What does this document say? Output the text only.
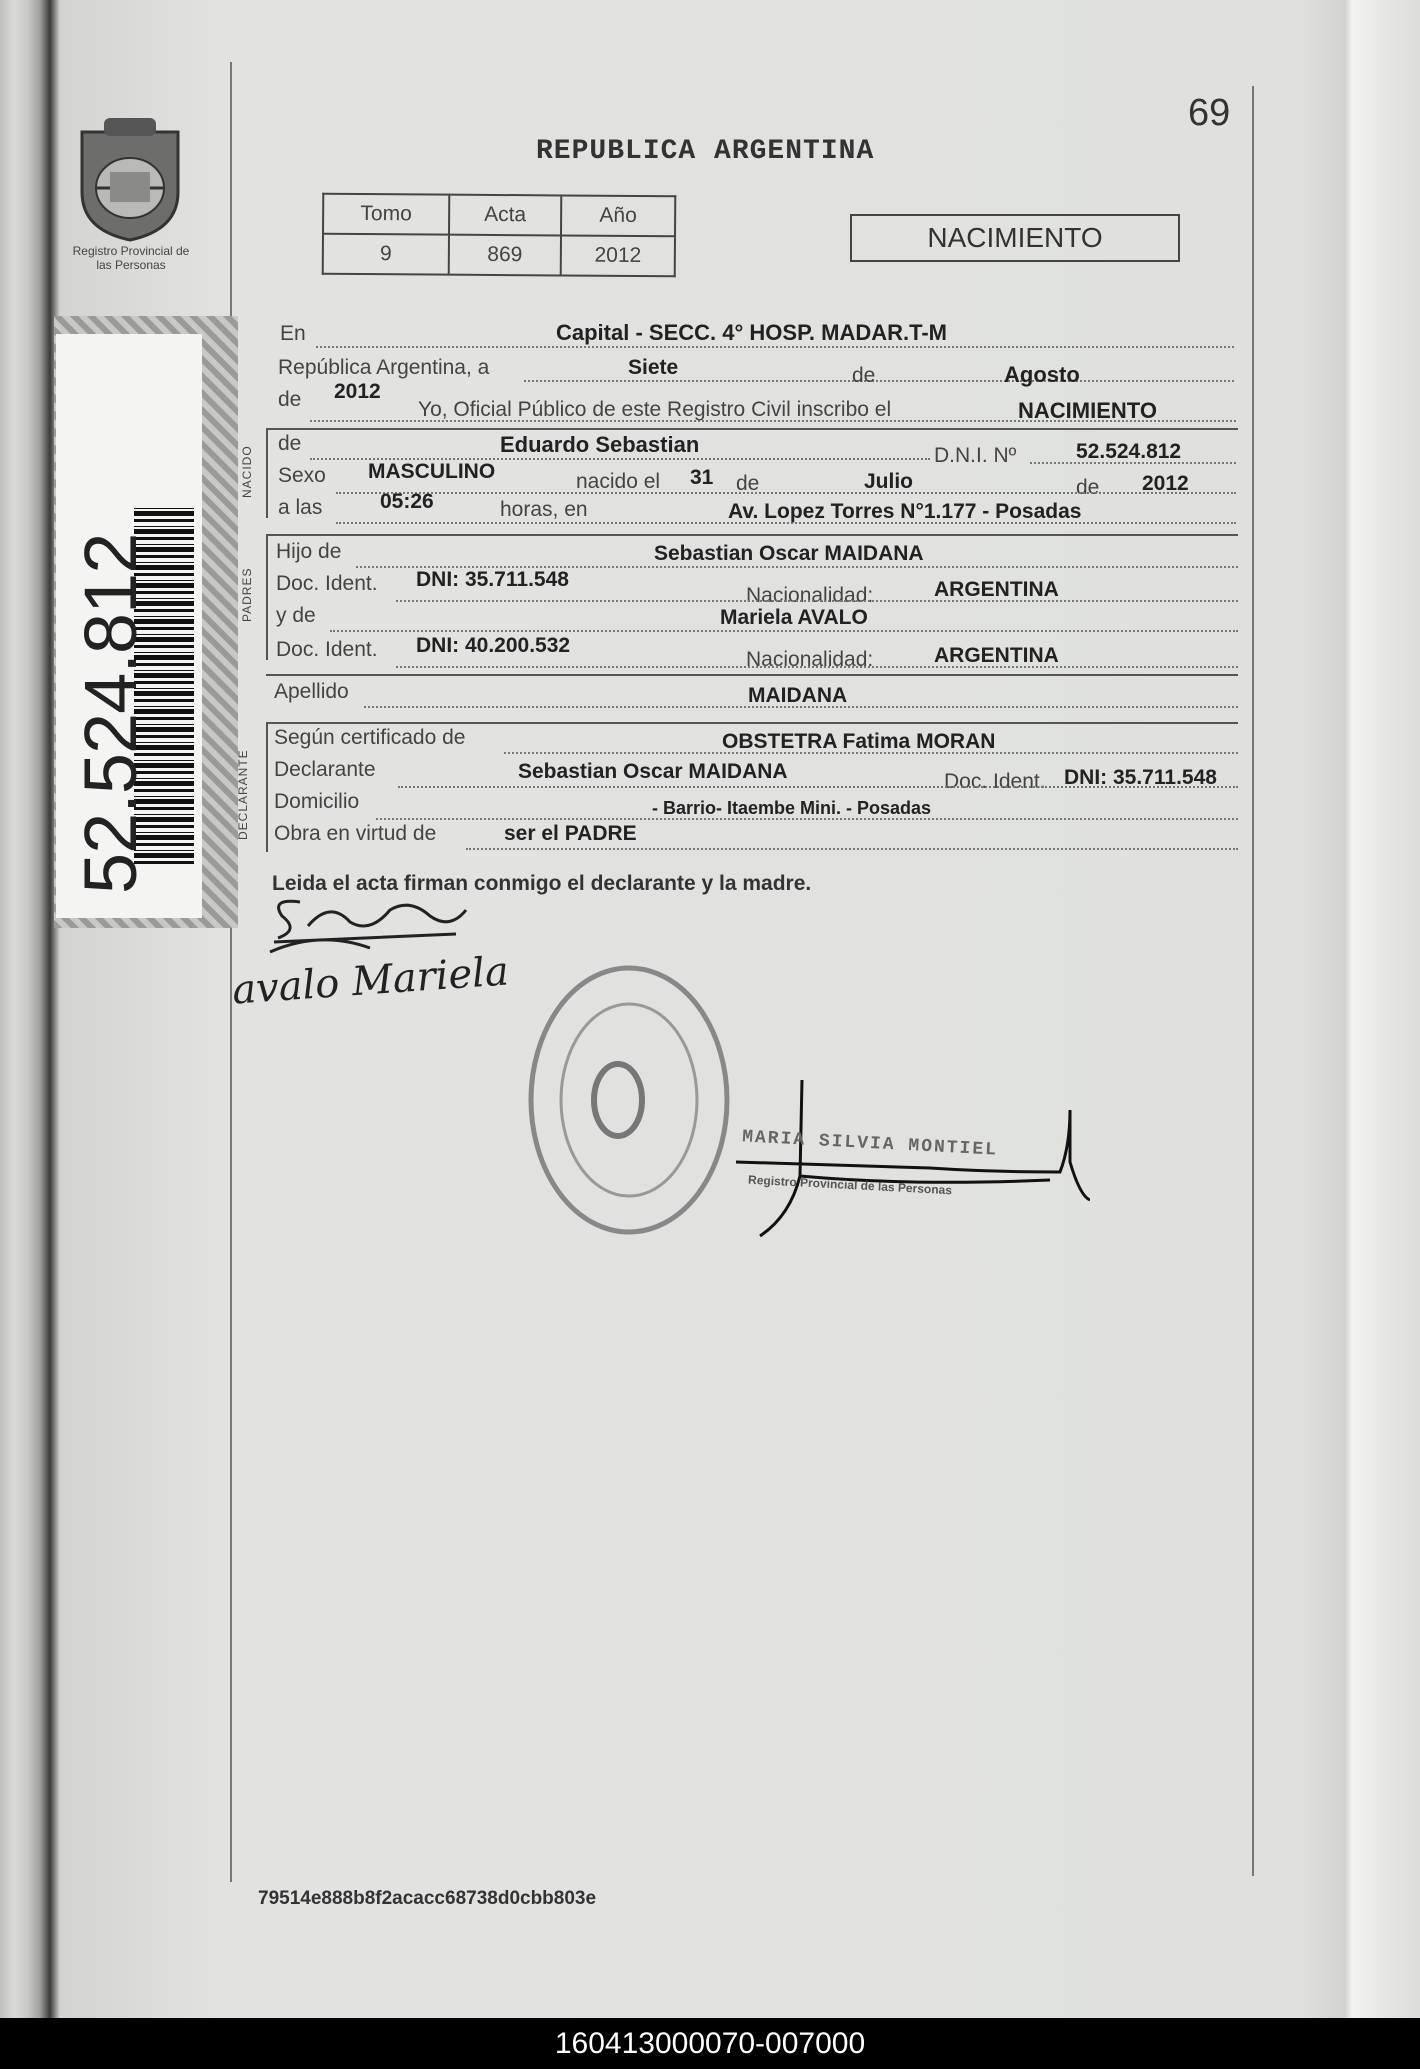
Registro Provincial de las Personas
52.524.812
69
REPUBLICA ARGENTINA
Tomo	Acta	Año
9	869	2012
NACIMIENTO
En	Capital - SECC. 4° HOSP. MADAR.T-M
República Argentina, a	Siete	de	Agosto
de 2012
Yo, Oficial Público de este Registro Civil inscribo el	NACIMIENTO
NACIDO
de	Eduardo Sebastian	D.N.I. Nº	52.524.812
Sexo MASCULINO	nacido el 31 de	Julio	de 2012
a las	05:26	horas, en	Av. Lopez Torres N°1.177 - Posadas
PADRES
Hijo de	Sebastian Oscar MAIDANA
Doc. Ident. DNI: 35.711.548
Nacionalidad:	ARGENTINA
y de	Mariela AVALO
Doc. Ident. DNI: 40.200.532
Nacionalidad:	ARGENTINA
Apellido	MAIDANA
DECLARANTE
Según certificado de	OBSTETRA Fatima MORAN
Declarante	Sebastian Oscar MAIDANA	Doc. Ident. DNI: 35.711.548
Domicilio	- Barrio- Itaembe Mini. - Posadas
Obra en virtud de	ser el PADRE
Leida el acta firman conmigo el declarante y la madre.
avalo Mariela
MARIA SILVIA MONTIEL
Registro Provincial de las Personas
79514e888b8f2acacc68738d0cbb803e
160413000070-007000
